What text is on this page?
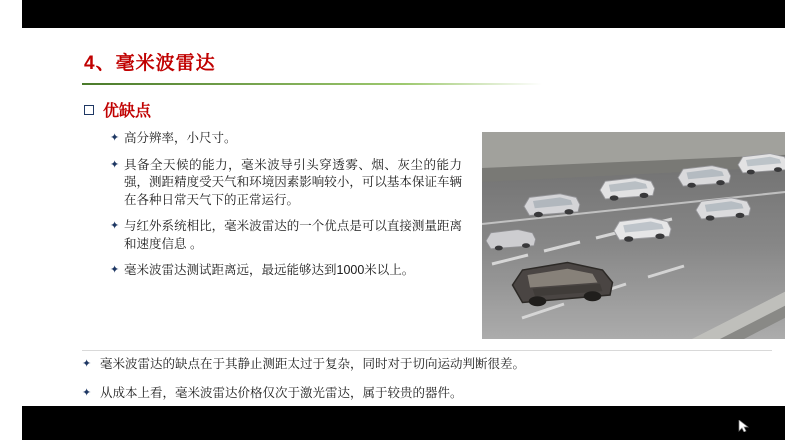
4、毫米波雷达
优缺点
✦ 高分辨率，小尺寸。
✦ 具备全天候的能力，毫米波导引头穿透雾、烟、灰尘的能力强，测距精度受天气和环境因素影响较小，可以基本保证车辆在各种日常天气下的正常运行。
✦ 与红外系统相比，毫米波雷达的一个优点是可以直接测量距离和速度信息 。
✦ 毫米波雷达测试距离远，最远能够达到1000米以上。
✦ 毫米波雷达的缺点在于其静止测距太过于复杂，同时对于切向运动判断很差。
✦ 从成本上看，毫米波雷达价格仅次于激光雷达，属于较贵的器件。
